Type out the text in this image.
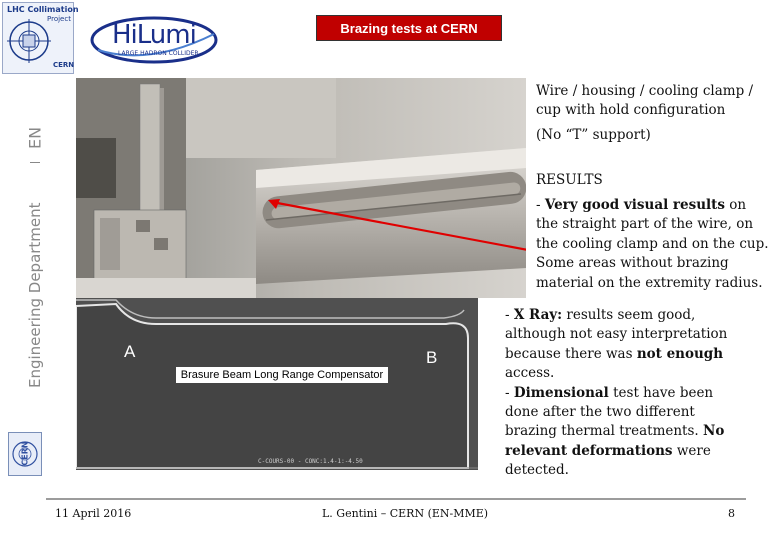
LHC Collimation
Project
CERN
HiLumi
LARGE HADRON COLLIDER
Brazing tests at CERN
EN
Engineering Department
CERN
A	B
Brasure Beam Long Range Compensator
C-COURS-00 - CONC:1.4-1:-4.50
Wire / housing / cooling clamp / cup with hold configuration
(No “T” support)
RESULTS
- Very good visual results on the straight part of the wire, on the cooling clamp and on the cup. Some areas without brazing material on the extremity radius.
- X Ray: results seem good, although not easy interpretation because there was not enough access.
- Dimensional test have been done after the two different brazing thermal treatments. No relevant deformations were detected.
11 April 2016	L. Gentini – CERN (EN-MME)	8
